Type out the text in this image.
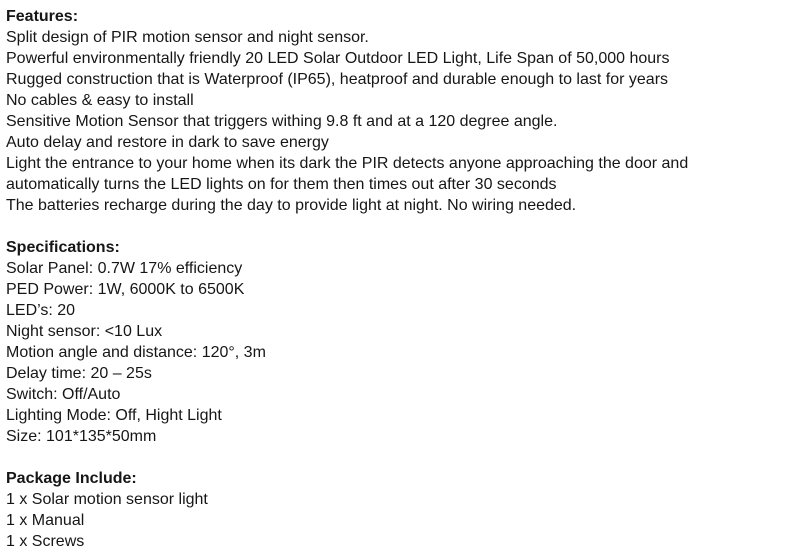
Features:
Split design of PIR motion sensor and night sensor.
Powerful environmentally friendly 20 LED Solar Outdoor LED Light, Life Span of 50,000 hours
Rugged construction that is Waterproof (IP65), heatproof and durable enough to last for years
No cables & easy to install
Sensitive Motion Sensor that triggers withing 9.8 ft and at a 120 degree angle.
Auto delay and restore in dark to save energy
Light the entrance to your home when its dark the PIR detects anyone approaching the door and
automatically turns the LED lights on for them then times out after 30 seconds
The batteries recharge during the day to provide light at night. No wiring needed.
Specifications:
Solar Panel: 0.7W 17% efficiency
PED Power: 1W, 6000K to 6500K
LED’s: 20
Night sensor: <10 Lux
Motion angle and distance: 120°, 3m
Delay time: 20 – 25s
Switch: Off/Auto
Lighting Mode: Off, Hight Light
Size: 101*135*50mm
Package Include:
1 x Solar motion sensor light
1 x Manual
1 x Screws
